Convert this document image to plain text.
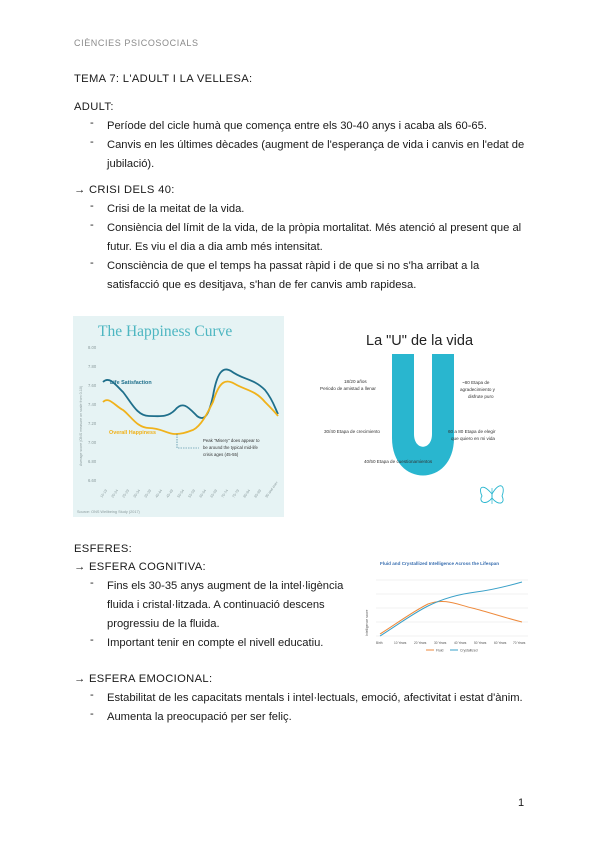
CIÈNCIES PSICOSOCIALS
TEMA 7: L'ADULT I LA VELLESA:
ADULT:
- Període del cicle humà que comença entre els 30-40 anys i acaba als 60-65.
- Canvis en les últimes dècades (augment de l'esperança de vida i canvis en l'edat de
jubilació).
→ CRISI DELS 40:
- Crisi de la meitat de la vida.
- Consiència del límit de la vida, de la pròpia mortalitat. Més atenció al present que al
futur. Es viu el dia a dia amb més intensitat.
- Consciència de que el temps ha passat ràpid i de que si no s'ha arribat a la
satisfacció que es desitjava, s'han de fer canvis amb rapidesa.
The Happiness Curve
8.00
7.80
7.60
7.40
7.20
7.00
6.80
6.60
Average score (ONS measure on scale from 0-10)
Life Satisfaction
Overall Happiness
Peak "Misery" does appear to
be around the typical mid-life
crisis ages (45-55)
16-19 20-24 25-29 30-34 35-39 40-44 45-49 50-54 55-59 60-64 65-69 70-74 75-79 80-84 85-89 90 and over
Source: ONS Wellbeing Study (2017)
La "U" de la vida
18/20 años
Periodo de amistad a llenar
30/40 Etapa de crecimiento
40/50 Etapa de cuestionamientos
~80 Etapa de
agradecimiento y
disfrute puro
60 a 80 Etapa de elegir
que quiero en mi vida
ESFERES:
→ ESFERA COGNITIVA:
- Fins els 30-35 anys augment de la intel·ligència
fluida i cristal·litzada. A continuació descens
progressiu de la fluida.
- Important tenir en compte el nivell educatiu.
Fluid and Crystallized Intelligence Across the Lifespan
Intelligence score
Birth	10 Years 20 Years 30 Years 40 Years 50 Years 60 Years 70 Years
Fluid	Crystallized
→ ESFERA EMOCIONAL:
- Estabilitat de les capacitats mentals i intel·lectuals, emoció, afectivitat i estat d'ànim.
- Aumenta la preocupació per ser feliç.
1
